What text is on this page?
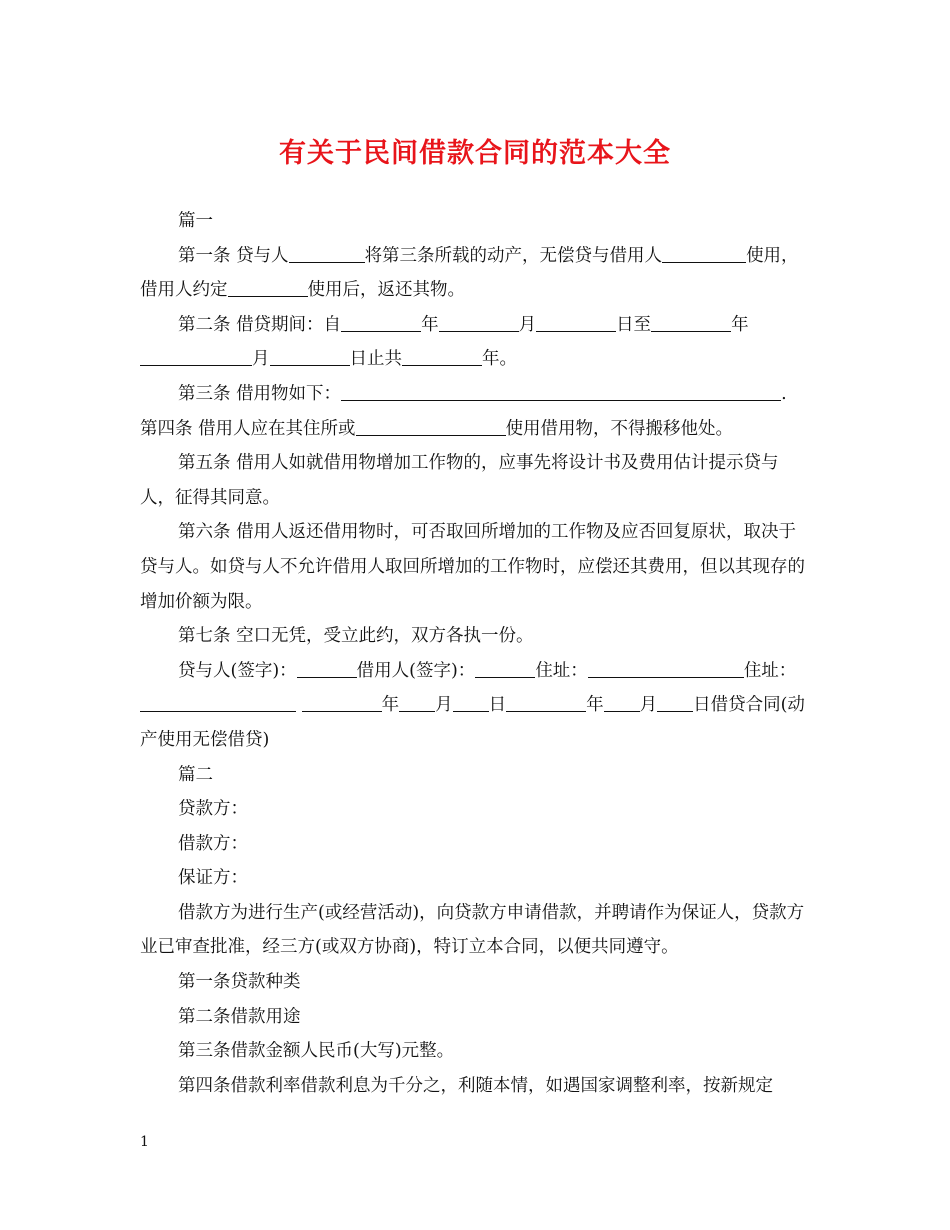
有关于民间借款合同的范本大全

篇一

第一条 贷与人	将第三条所载的动产，无偿贷与借用人	使用，借用人约定	使用后，返还其物。

第二条 借贷期间：自	年	月	日至	年月	日止共	年。

第三条 借用物如下：	.

第四条 借用人应在其住所或	使用借用物，不得搬移他处。

第五条 借用人如就借用物增加工作物的，应事先将设计书及费用估计提示贷与人，征得其同意。

第六条 借用人返还借用物时，可否取回所增加的工作物及应否回复原状，取决于贷与人。如贷与人不允许借用人取回所增加的工作物时，应偿还其费用，但以其现存的增加价额为限。

第七条 空口无凭，受立此约，双方各执一份。

贷与人(签字)：	借用人(签字)：	住址：	住址： 年 月 日	年 月 日借贷合同(动产使用无偿借贷)

篇二

贷款方：

借款方：

保证方：

借款方为进行生产(或经营活动)，向贷款方申请借款，并聘请作为保证人，贷款方业已审查批准，经三方(或双方协商)，特订立本合同，以便共同遵守。

第一条贷款种类

第二条借款用途

第三条借款金额人民币(大写)元整。

第四条借款利率借款利息为千分之，利随本情，如遇国家调整利率，按新规定

1
